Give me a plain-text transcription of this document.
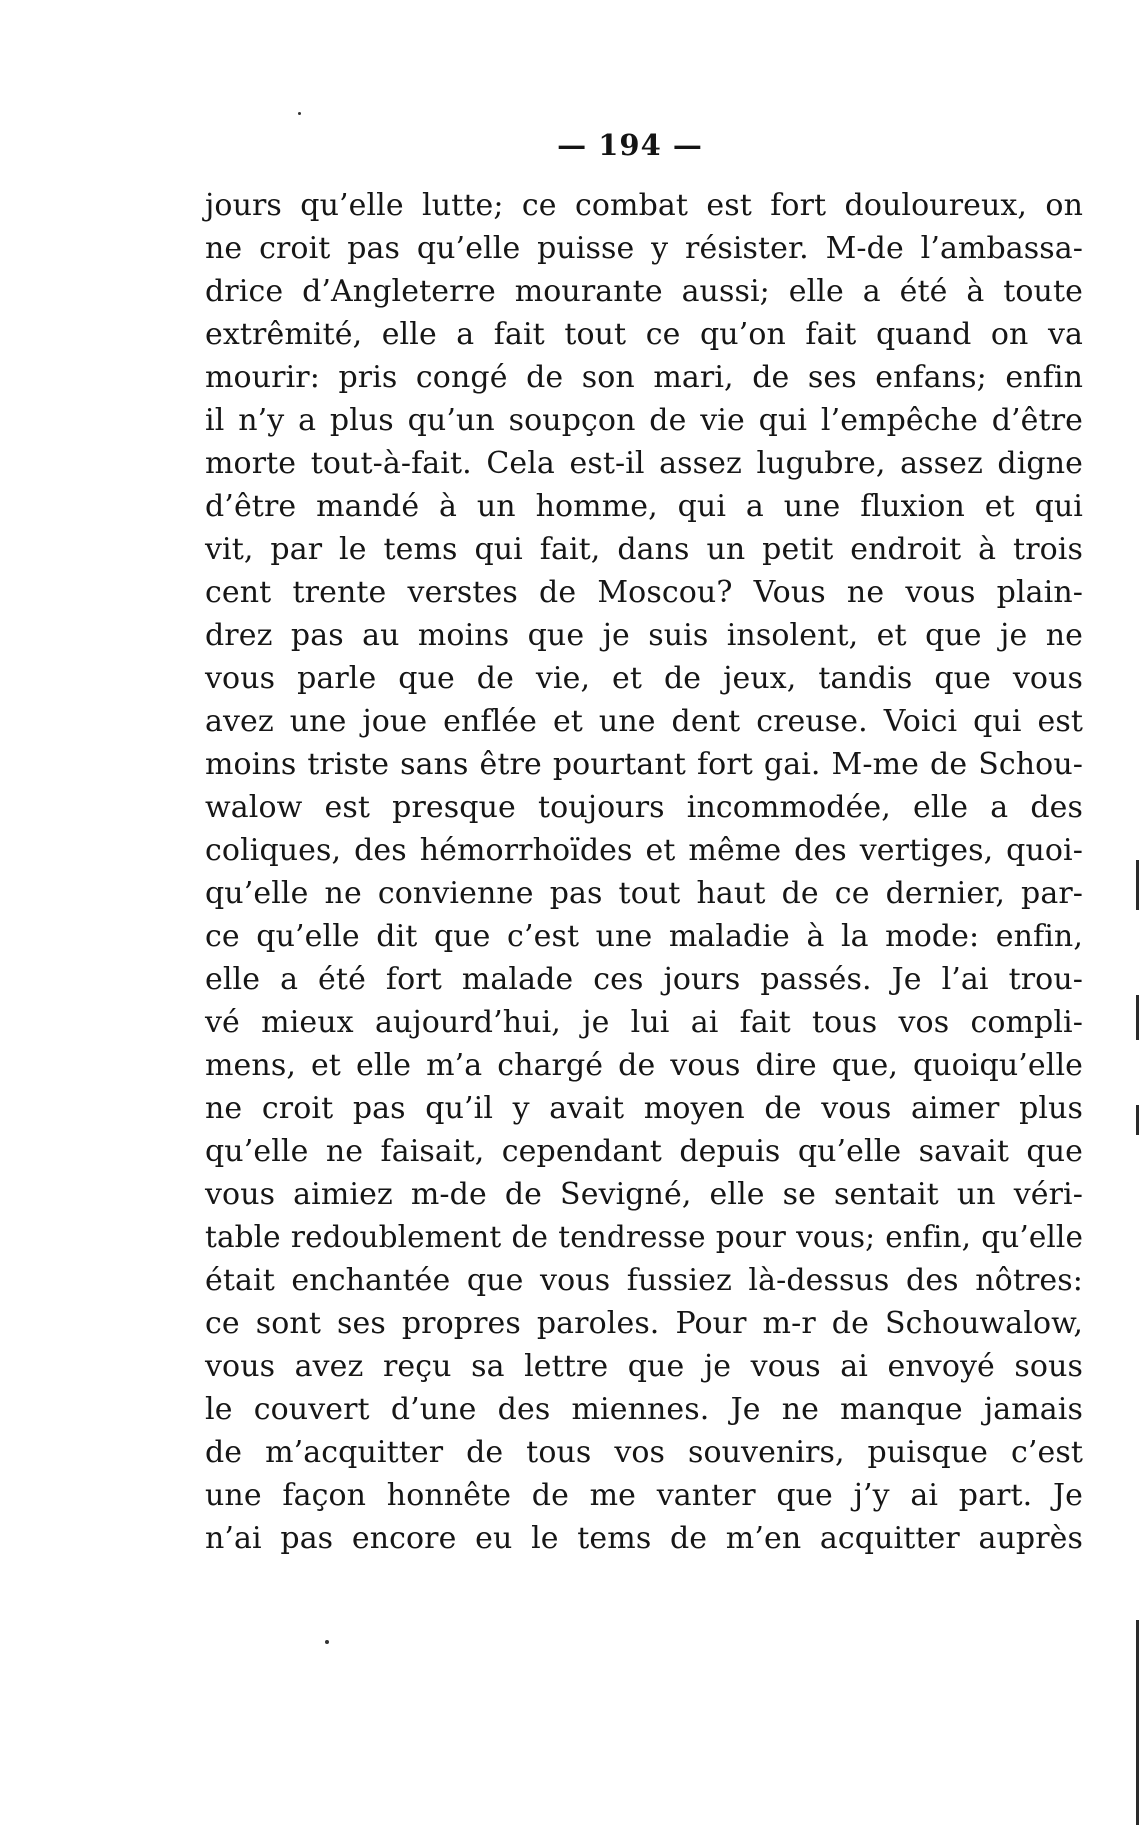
— 194 —
jours qu’elle lutte; ce combat est fort douloureux, on
ne croit pas qu’elle puisse y résister. M-de l’ambassa-
drice d’Angleterre mourante aussi; elle a été à toute
extrêmité, elle a fait tout ce qu’on fait quand on va
mourir: pris congé de son mari, de ses enfans; enfin
il n’y a plus qu’un soupçon de vie qui l’empêche d’être
morte tout-à-fait. Cela est-il assez lugubre, assez digne
d’être mandé à un homme, qui a une fluxion et qui
vit, par le tems qui fait, dans un petit endroit à trois
cent trente verstes de Moscou? Vous ne vous plain-
drez pas au moins que je suis insolent, et que je ne
vous parle que de vie, et de jeux, tandis que vous
avez une joue enflée et une dent creuse. Voici qui est
moins triste sans être pourtant fort gai. M-me de Schou-
walow est presque toujours incommodée, elle a des
coliques, des hémorrhoïdes et même des vertiges, quoi-
qu’elle ne convienne pas tout haut de ce dernier, par-
ce qu’elle dit que c’est une maladie à la mode: enfin,
elle a été fort malade ces jours passés. Je l’ai trou-
vé mieux aujourd’hui, je lui ai fait tous vos compli-
mens, et elle m’a chargé de vous dire que, quoiqu’elle
ne croit pas qu’il y avait moyen de vous aimer plus
qu’elle ne faisait, cependant depuis qu’elle savait que
vous aimiez m-de de Sevigné, elle se sentait un véri-
table redoublement de tendresse pour vous; enfin, qu’elle
était enchantée que vous fussiez là-dessus des nôtres:
ce sont ses propres paroles. Pour m-r de Schouwalow,
vous avez reçu sa lettre que je vous ai envoyé sous
le couvert d’une des miennes. Je ne manque jamais
de m’acquitter de tous vos souvenirs, puisque c’est
une façon honnête de me vanter que j’y ai part. Je
n’ai pas encore eu le tems de m’en acquitter auprès
